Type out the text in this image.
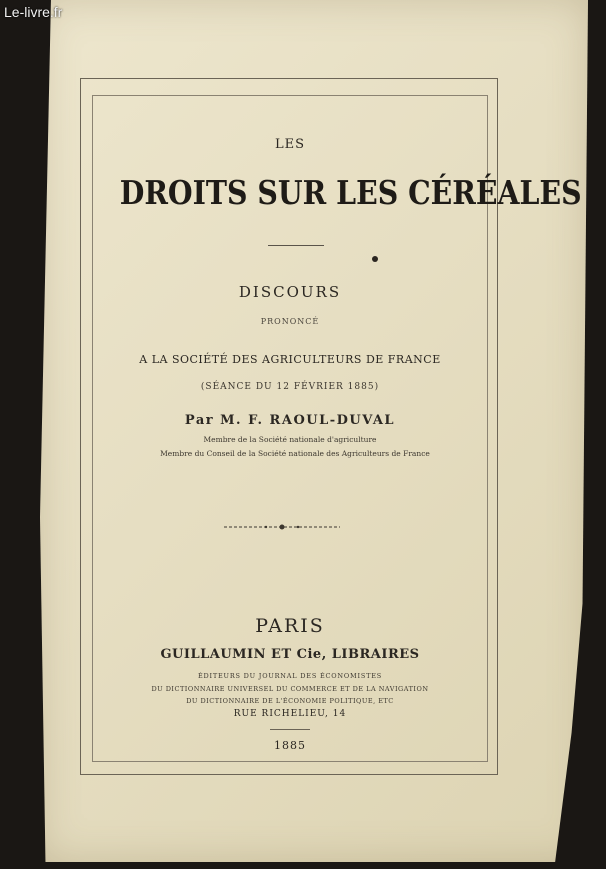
Le-livre.fr

LES

DROITS SUR LES CÉRÉALES

DISCOURS

PRONONCÉ

A LA SOCIÉTÉ DES AGRICULTEURS DE FRANCE

(SÉANCE DU 12 FÉVRIER 1885)

Par M. F. RAOUL-DUVAL

Membre de la Société nationale d'agriculture

Membre du Conseil de la Société nationale des Agriculteurs de France

PARIS

GUILLAUMIN ET Cie, LIBRAIRES

ÉDITEURS DU JOURNAL DES ÉCONOMISTES

DU DICTIONNAIRE UNIVERSEL DU COMMERCE ET DE LA NAVIGATION

DU DICTIONNAIRE DE L'ÉCONOMIE POLITIQUE, ETC

RUE RICHELIEU, 14

1885
